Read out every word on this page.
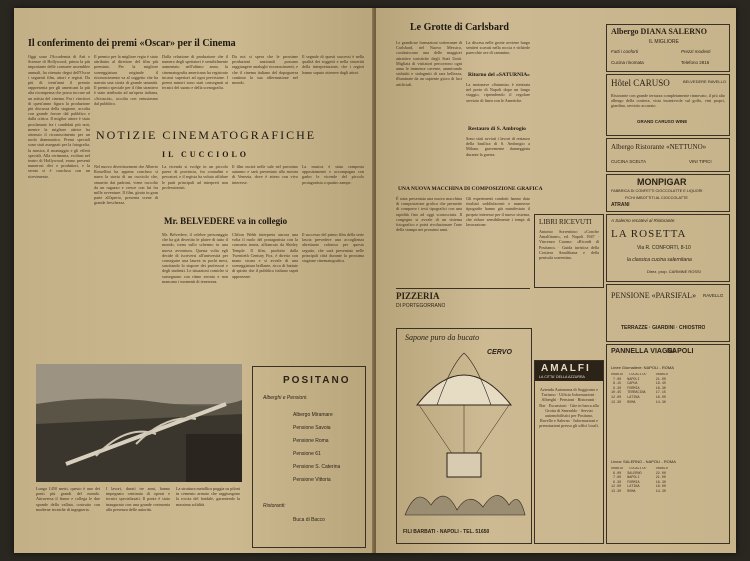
Il conferimento dei premi «Oscar» per il Cinema
Oggi sono l'Accademia di Arti e Scienze di Hollywood, prima la più importante delle consuete assemblee annuali, ha ritenuto degni dell'Oscar i seguenti film, attori e registi. Da più di trent'anni il premio rappresenta per gli americani la più alta ricompensa che possa toccare ad un artista del cinema. Fra i vincitori di quest'anno figura la produzione più discussa della stagione, accolta con grande favore dal pubblico e dalla critica. Il miglior attore è stato proclamato fra i candidati più noti, mentre la migliore attrice ha ottenuto il riconoscimento per un ruolo drammatico. Premi speciali sono stati assegnati per la fotografia, la musica, il montaggio e gli effetti speciali. Alla cerimonia, svoltasi nel teatro di Hollywood, erano presenti numerosi divi e produttori, e la serata si è conclusa con un ricevimento.
Il premio per la migliore regia è stato attribuito al direttore del film più premiato. Per la migliore sceneggiatura originale il riconoscimento va al soggetto che ha narrato una storia di grande umanità. Il premio speciale per il film straniero è stato attribuito ad un'opera italiana, «Sciuscià», accolta con entusiasmo dal pubblico.
Dalla relazione di produzione che il numero degli spettatori è sensibilmente aumentato nell'ultimo anno, la cinematografia americana ha registrato incassi superiori ad ogni previsione. I premi minori sono stati consegnati ai tecnici del suono e della scenografia.
Da noi si spera che le prossime produzioni nazionali possano raggiungere analoghi riconoscimenti, e che il cinema italiano del dopoguerra continui la sua affermazione nel mondo.
Il segnale di questi successi è nella qualità dei soggetti e nella sincerità della interpretazione, che i registi hanno saputo ottenere dagli attori.
NOTIZIE CINEMATOGRAFICHE
IL CUCCIOLO
Nel nuovo divertissement che Alberto Rossellini ha appena concluso si narra la storia di un cucciolo che, smarrito dai padroni, viene raccolto da un ragazzo e cresce con lui fra mille avventure. Il film, girato in gran parte all'aperto, presenta scene di grande freschezza.
La vicenda si svolge in un piccolo paese di provincia, fra contadini e pescatori, e il regista ha voluto affidare le parti principali ad interpreti non professionisti.
Il film uscirà nelle sale nel prossimo autunno e sarà presentato alla mostra di Venezia, dove è atteso con vivo interesse.
La musica è stata composta appositamente e accompagna con garbo le vicende del piccolo protagonista a quattro zampe.
Mr. BELVEDERE va in collegio
Mr. Belvedere, il celebre personaggio che ha già divertito le platee di tutto il mondo, torna sullo schermo in una nuova avventura. Questa volta egli decide di iscriversi all'università per conseguire una laurea in pochi mesi, suscitando lo stupore dei professori e degli studenti. Le situazioni comiche si susseguono con ritmo serrato e non mancano i momenti di tenerezza.
Clifton Webb interpreta ancora una volta il ruolo del protagonista con la consueta ironia, affiancato da Shirley Temple. Il film, prodotto dalla Twentieth Century Fox, è diretto con mano sicura e si avvale di una sceneggiatura brillante, ricca di battute di spirito che il pubblico italiano saprà apprezzare.
Il successo del primo film della serie lascia prevedere una accoglienza altrettanto calorosa per questo seguito, che sarà presentato nelle principali città durante la prossima stagione cinematografica.
Lungo 1450 metri, questo è uno dei ponti più grandi del mondo. Attraversa il fiume e collega le due sponde della vallata, costruito con moderne tecniche di ingegneria.
I lavori, durati tre anni, hanno impegnato centinaia di operai e tecnici specializzati. Il ponte è stato inaugurato con una grande cerimonia alla presenza delle autorità.
La struttura metallica poggia su piloni in cemento armato che raggiungono la roccia del fondale, garantendo la massima solidità.
POSITANO
Alberghi e Pensioni:
Albergo Miramare
Pensione Savoia
Pensione Roma
Pensione 61
Pensione S. Caterina
Pensione Vittoria
Ristoranti:
Buca di Bacco
Le Grotte di Carlsbard
Le grandiose formazioni sotterranee di Carlsbard, nel Nuovo Messico, costituiscono una delle maggiori attrattive turistiche degli Stati Uniti. Migliaia di visitatori percorrono ogni anno le immense caverne, ammirando stalattiti e stalagmiti di rara bellezza, illuminate da un sapiente gioco di luci artificiali.
La discesa nelle grotte avviene lungo sentieri scavati nella roccia e richiede parecchie ore di cammino.
Ritorno del «SATURNIA»
La motonave «Saturnia» è rientrata nel porto di Napoli dopo un lungo viaggio, riprendendo il regolare servizio di linea con le Americhe.
Restauro di S. Ambrogio
Sono stati avviati i lavori di restauro della basilica di S. Ambrogio a Milano, gravemente danneggiata durante la guerra.
UNA NUOVA MACCHINA DI COMPOSIZIONE GRAFICA
È stata presentata una nuova macchina di composizione grafica che permette di comporre i testi tipografici con una rapidità fino ad oggi sconosciuta. Il congegno si avvale di un sistema fotografico e potrà rivoluzionare l'arte della stampa nei prossimi anni.
Gli esperimenti condotti hanno dato risultati soddisfacenti e numerose tipografie hanno già manifestato il proprio interesse per il nuovo sistema, che riduce sensibilmente i tempi di lavorazione.
Sapone puro da bucato
CERVO
FILI BARBATI - NAPOLI - TEL. 51650
PIZZERIA
DI PORTEGORRANO
AMALFI
LA CITTA' DELLA AZZURRA
Azienda Autonoma di Soggiorno e Turismo · Ufficio Informazioni · Alberghi · Pensioni · Ristoranti · Bar · Escursioni · Gite in barca alla Grotta di Smeraldo · Servizi automobilistici per Positano, Ravello e Salerno · Informazioni e prenotazioni presso gli uffici locali.
Albergo DIANA SALERNO
IL MIGLIORE
Fatti i conforti	Prezzi modesti
Cucina rinomata	Telefono 2816
Hôtel CARUSO	BELVEDERE RAVELLO
Ristorante con grande terrazza completamente rinnovato, il più alto albergo della costiera, vista incantevole sul golfo, vini propri, giardino, servizio accurato.
GRAND CARUSO WINE
Albergo Ristorante «NETTUNO»
CUCINA SCELTA	VINI TIPICI
MONPIGAR
FABBRICA DI CONFETTI CIOCCOLATTE E LIQUORI
FICHI IMBOTTITI AL CIOCCOLATTE
ATRANI
LIBRI RICEVUTI
Antonio Sorrentino: «Conche Amalfitane», ed. Napoli 1947 · Vincenzo Cuomo: «Ricordi di Positano» · Guida turistica della Costiera Amalfitana e della penisola sorrentina.
A Salerno recatevi al Ristorante:
LA ROSETTA
Via R. CONFORTI, 8-10
la classica cucina salernitana
Direz. prop. CARMINE ROSSI
PENSIONE «PARSIFAL» RAVELLO
TERRAZZE · GIARDINI · CHIOSTRO
PANNELLA VIAGGI
NAPOLI
Linee Giornaliere: NAPOLI - ROMA
ORARIO   LOCALITA'    ORARIO
7.00   NAPOLI        21.00
8.15   CAPUA         19.45
9.30   FORMIA        18.30
10.45   TERRACINA     17.15
12.00   LATINA        16.00
13.30   ROMA          14.30
Linea: SALERNO - NAPOLI - ROMA
ORARIO   LOCALITA'    ORARIO
6.00   SALERNO       22.00
7.00   NAPOLI        21.00
9.30   FORMIA        18.30
12.00   LATINA        16.00
13.30   ROMA          14.30
